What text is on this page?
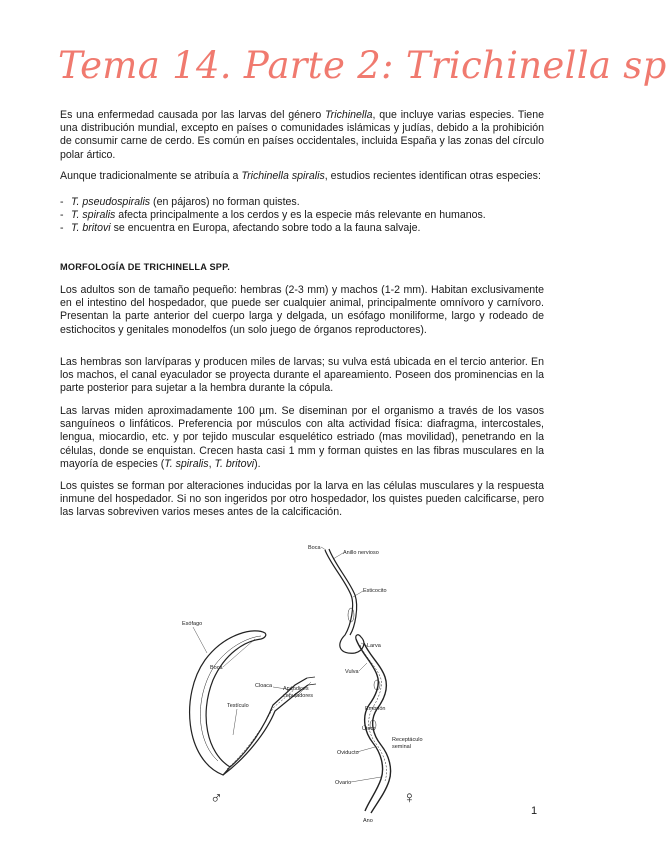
Tema 14. Parte 2: Trichinella sp

Es una enfermedad causada por las larvas del género Trichinella, que incluye varias especies. Tiene una distribución mundial, excepto en países o comunidades islámicas y judías, debido a la prohibición de consumir carne de cerdo. Es común en países occidentales, incluida España y las zonas del círculo polar ártico.

Aunque tradicionalmente se atribuía a Trichinella spiralis, estudios recientes identifican otras especies:

- T. pseudospiralis (en pájaros) no forman quistes.
- T. spiralis afecta principalmente a los cerdos y es la especie más relevante en humanos.
- T. britovi se encuentra en Europa, afectando sobre todo a la fauna salvaje.
MORFOLOGÍA DE TRICHINELLA SPP.

Los adultos son de tamaño pequeño: hembras (2-3 mm) y machos (1-2 mm). Habitan exclusivamente en el intestino del hospedador, que puede ser cualquier animal, principalmente omnívoro y carnívoro. Presentan la parte anterior del cuerpo larga y delgada, un esófago moniliforme, largo y rodeado de estichocitos y genitales monodelfos (un solo juego de órganos reproductores).

Las hembras son larvíparas y producen miles de larvas; su vulva está ubicada en el tercio anterior. En los machos, el canal eyaculador se proyecta durante el apareamiento. Poseen dos prominencias en la parte posterior para sujetar a la hembra durante la cópula.

Las larvas miden aproximadamente 100 µm. Se diseminan por el organismo a través de los vasos sanguíneos o linfáticos. Preferencia por músculos con alta actividad física: diafragma, intercostales, lengua, miocardio, etc. y por tejido muscular esquelético estriado (mas movilidad), penetrando en la células, donde se enquistan. Crecen hasta casi 1 mm y forman quistes en las fibras musculares en la mayoría de especies (T. spiralis, T. britovi).

Los quistes se forman por alteraciones inducidas por la larva en las células musculares y la respuesta inmune del hospedador. Si no son ingeridos por otro hospedador, los quistes pueden calcificarse, pero las larvas sobreviven varios meses antes de la calcificación.

Esófago
Boca
Cloaca
Testículo
Apéndices
copuladores
Boca
Anillo nervioso
Esticocito
Larva
Vulva
Embrión
Útero
Receptáculo
seminal
Oviducto
Ovario
Ano
♂	♀
1
